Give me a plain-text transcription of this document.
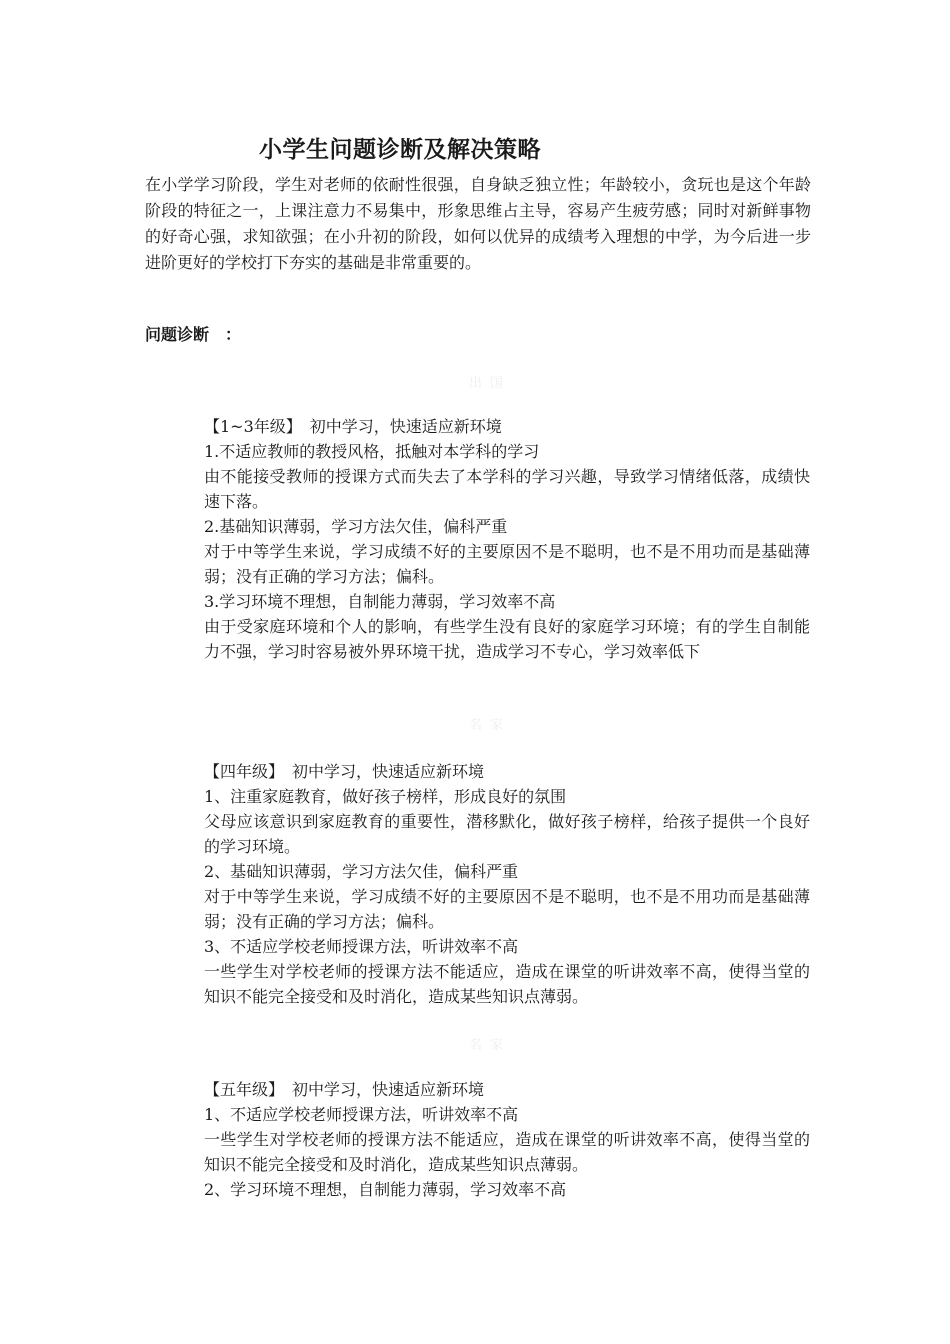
小学生问题诊断及解决策略

在小学学习阶段，学生对老师的依耐性很强，自身缺乏独立性；年龄较小，贪玩也是这个年龄阶段的特征之一，上课注意力不易集中，形象思维占主导，容易产生疲劳感；同时对新鲜事物的好奇心强，求知欲强；在小升初的阶段，如何以优异的成绩考入理想的中学，为今后进一步进阶更好的学校打下夯实的基础是非常重要的。

问题诊断　：

出国

【1~3年级】　初中学习，快速适应新环境

1.不适应教师的教授风格，抵触对本学科的学习

由不能接受教师的授课方式而失去了本学科的学习兴趣，导致学习情绪低落，成绩快速下落。

2.基础知识薄弱，学习方法欠佳，偏科严重

对于中等学生来说，学习成绩不好的主要原因不是不聪明，也不是不用功而是基础薄弱；没有正确的学习方法；偏科。

3.学习环境不理想，自制能力薄弱，学习效率不高

由于受家庭环境和个人的影响，有些学生没有良好的家庭学习环境；有的学生自制能力不强，学习时容易被外界环境干扰，造成学习不专心，学习效率低下

名家

【四年级】　初中学习，快速适应新环境

1、注重家庭教育，做好孩子榜样，形成良好的氛围

父母应该意识到家庭教育的重要性，潜移默化，做好孩子榜样，给孩子提供一个良好的学习环境。

2、基础知识薄弱，学习方法欠佳，偏科严重

对于中等学生来说，学习成绩不好的主要原因不是不聪明，也不是不用功而是基础薄弱；没有正确的学习方法；偏科。

3、不适应学校老师授课方法，听讲效率不高

一些学生对学校老师的授课方法不能适应，造成在课堂的听讲效率不高，使得当堂的知识不能完全接受和及时消化，造成某些知识点薄弱。

名家

【五年级】　初中学习，快速适应新环境

1、不适应学校老师授课方法，听讲效率不高

一些学生对学校老师的授课方法不能适应，造成在课堂的听讲效率不高，使得当堂的知识不能完全接受和及时消化，造成某些知识点薄弱。

2、学习环境不理想，自制能力薄弱，学习效率不高
